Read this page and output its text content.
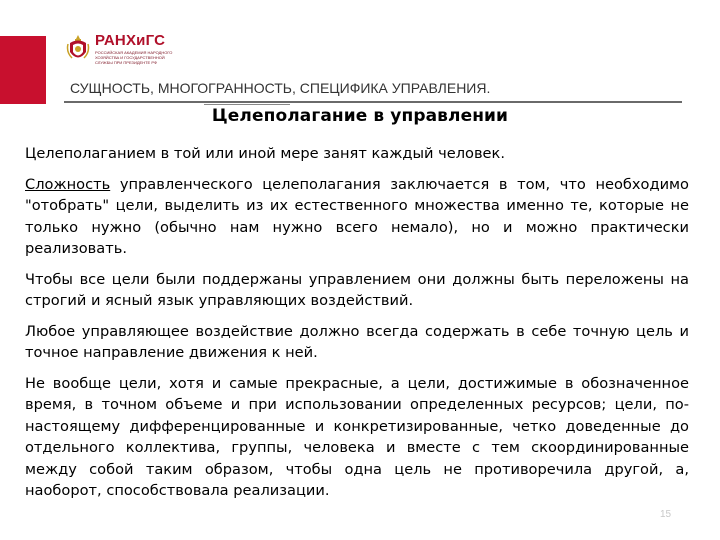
РАНХиГС
РОССИЙСКАЯ АКАДЕМИЯ НАРОДНОГО ХОЗЯЙСТВА И ГОСУДАРСТВЕННОЙ СЛУЖБЫ ПРИ ПРЕЗИДЕНТЕ РФ
СУЩНОСТЬ, МНОГОГРАННОСТЬ, СПЕЦИФИКА УПРАВЛЕНИЯ.
Целеполагание в управлении

Целеполаганием в той или иной мере занят каждый человек.

Сложность управленческого целеполагания заключается в том, что необходимо "отобрать" цели, выделить из их естественного множества именно те, которые не только нужно (обычно нам нужно всего немало), но и можно практически реализовать.

Чтобы все цели были поддержаны управлением они должны быть переложены на строгий и ясный язык управляющих воздействий.

Любое управляющее воздействие должно всегда содержать в себе точную цель и точное направление движения к ней.

Не вообще цели, хотя и самые прекрасные, а цели, достижимые в обозначенное время, в точном объеме и при использовании определенных ресурсов; цели, по-настоящему дифференцированные и конкретизированные, четко доведенные до отдельного коллектива, группы, человека и вместе с тем скоординированные между собой таким образом, чтобы одна цель не противоречила другой, а, наоборот, способствовала реализации.

15
